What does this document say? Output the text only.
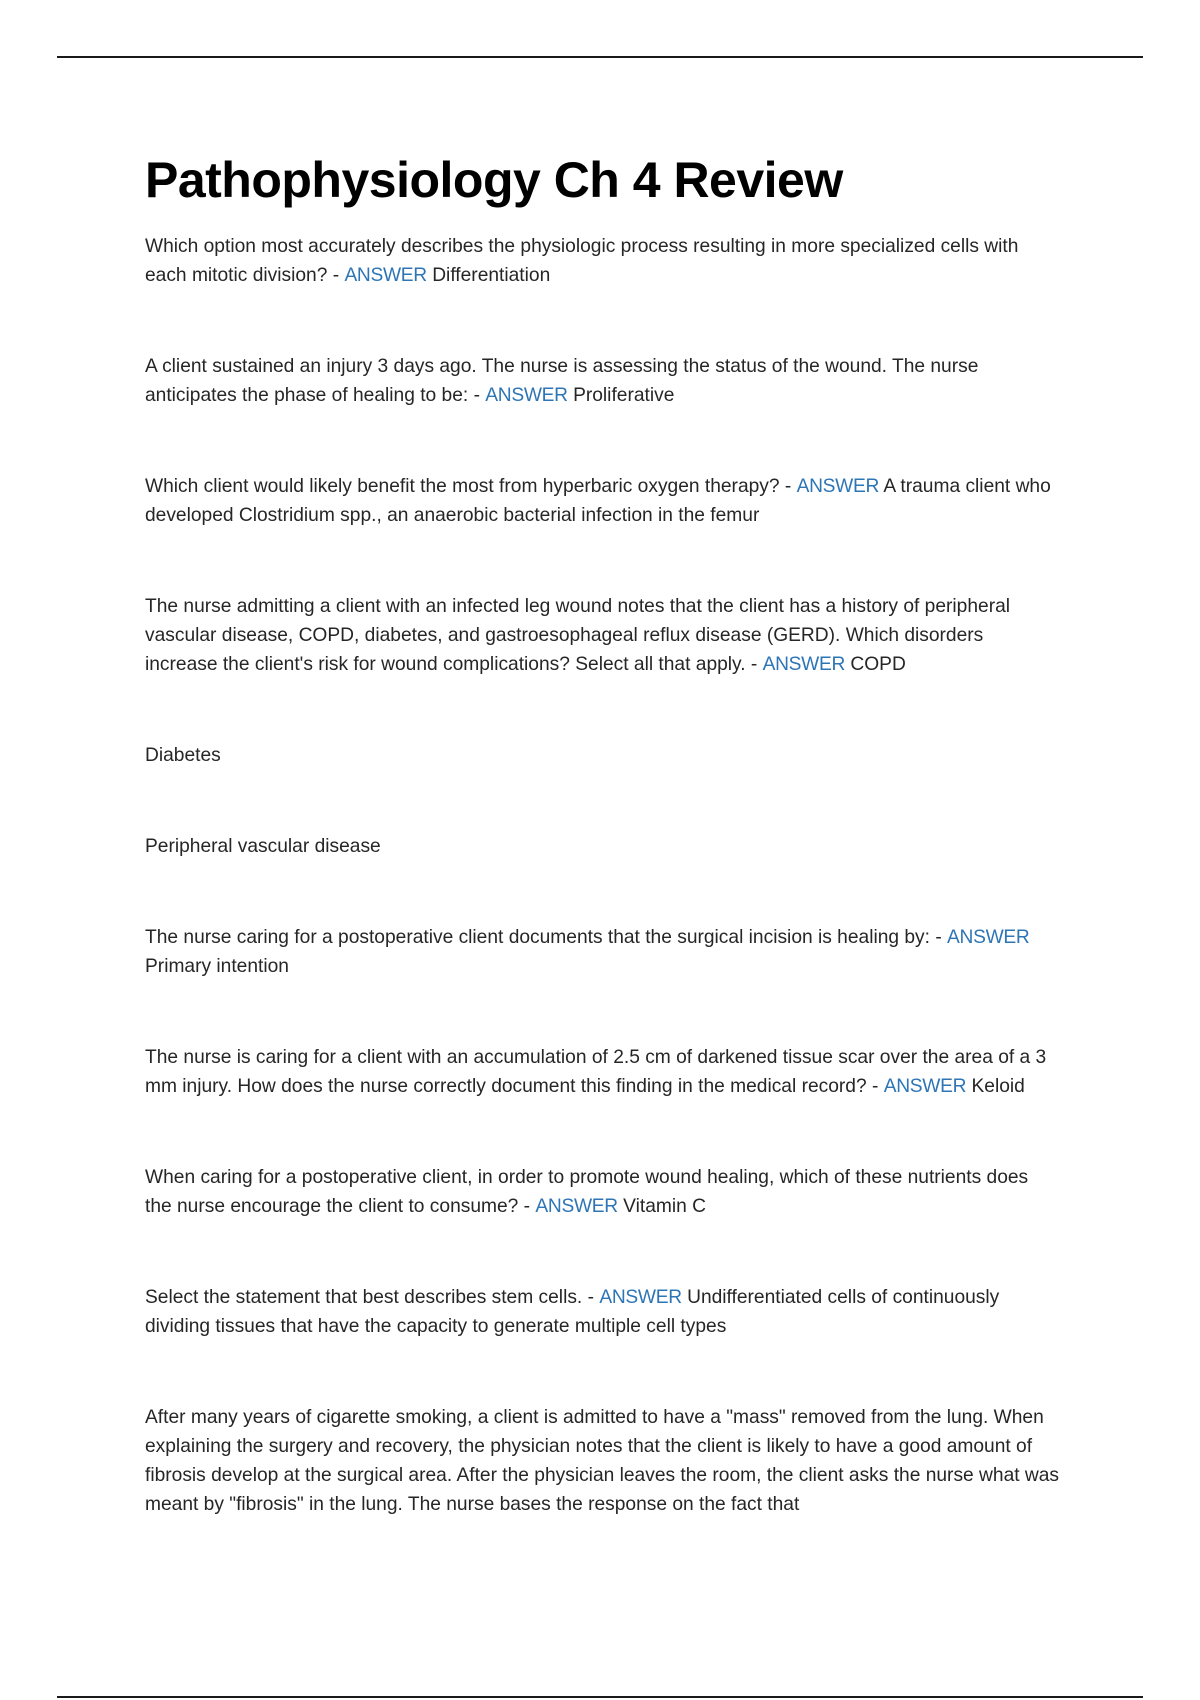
Pathophysiology Ch 4 Review

Which option most accurately describes the physiologic process resulting in more specialized cells with each mitotic division? - ANSWER Differentiation

A client sustained an injury 3 days ago. The nurse is assessing the status of the wound. The nurse anticipates the phase of healing to be: - ANSWER Proliferative

Which client would likely benefit the most from hyperbaric oxygen therapy? - ANSWER A trauma client who developed Clostridium spp., an anaerobic bacterial infection in the femur

The nurse admitting a client with an infected leg wound notes that the client has a history of peripheral vascular disease, COPD, diabetes, and gastroesophageal reflux disease (GERD). Which disorders increase the client's risk for wound complications? Select all that apply. - ANSWER COPD

Diabetes

Peripheral vascular disease

The nurse caring for a postoperative client documents that the surgical incision is healing by: - ANSWER Primary intention

The nurse is caring for a client with an accumulation of 2.5 cm of darkened tissue scar over the area of a 3 mm injury. How does the nurse correctly document this finding in the medical record? - ANSWER Keloid

When caring for a postoperative client, in order to promote wound healing, which of these nutrients does the nurse encourage the client to consume? - ANSWER Vitamin C

Select the statement that best describes stem cells. - ANSWER Undifferentiated cells of continuously dividing tissues that have the capacity to generate multiple cell types

After many years of cigarette smoking, a client is admitted to have a "mass" removed from the lung. When explaining the surgery and recovery, the physician notes that the client is likely to have a good amount of fibrosis develop at the surgical area. After the physician leaves the room, the client asks the nurse what was meant by "fibrosis" in the lung. The nurse bases the response on the fact that
